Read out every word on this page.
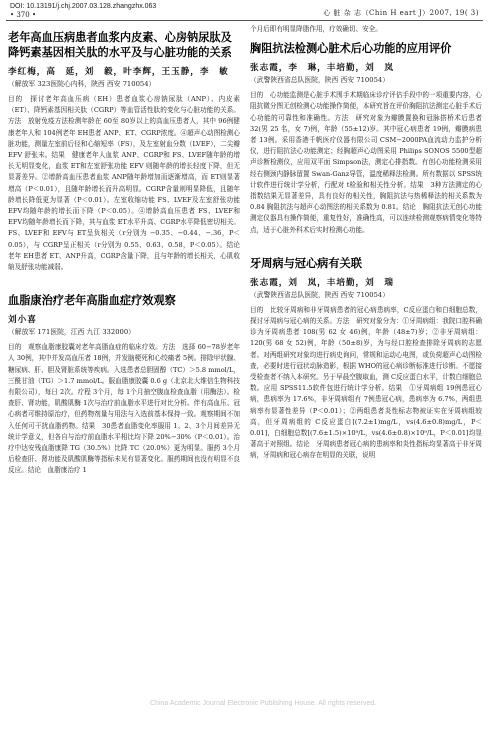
DOI: 10.13191/j.chj.2007.03.128.zhangzhx.063
• 370 •	心 脏 杂 志（Chin H eart J）2007, 19( 3)
老年高血压病患者血浆内皮素、心房钠尿肽及降钙素基因相关肽的水平及与心脏功能的关系
李红梅，高　延，刘　毅，叶李辉，王玉静，李　敏
（解放军 323医院心内科，陕西 西安 710054）
目的　探讨老年高血压病（EH）患者血浆心房钠尿肽（ANP）、内皮素（ET）、降钙素基因相关肽（CGRP）等血管活性肽的变化与心脏功能的关系。方法　放射免疫方法检测年龄在 60至 80岁以上的高血压患者人，其中 96例健康老年人和 104例老年 EH患者 ANP、ET、CGRP浓度。④超声心动图检测心脏功能，测量左室前后径和心缩短率（FS），及左室射血分数（LVEF），二尖瓣 EFV 舒张末。结果　健康老年人血浆 ANP、CGRP和 FS、LVEF随年龄的增长无明显变化，血浆 ET和左室舒张功能 EFV 则随年龄的增长轻度下降，但无显著差异。②增龄高血压患者血浆 ANP随年龄增加而逐渐增高，而 ET则显著增高（P＜0.01），且随年龄增长而升高明显。CGRP含量则明显降低，且随年龄增长降低更为显著（P＜0.01）。左室收缩功能 FS、LVEF及左室舒张功能 EFV均随年龄的增长而下降（P＜0.05）。④增龄高血压患者 FS、LVEF和 EFV均随年龄增长而下降，其与血浆 ET水平升高、CGRP水平降低密切相关。FS、LVEF和 EFV与 ET呈负相关（r分别为 −0.35、−0.44、−.36，P＜0.05），与 CGRP呈正相关（r分别为 0.55、0.63、0.58，P＜0.05）。结论　老年 EH患者 ET、ANP升高，CGRP含量下降，且与年龄的增长相关，心肌收缩及舒张功能减弱。
血脂康治疗老年高脂血症疗效观察
刘小喜
（解放军 171医院，江西 九江 332000）
目的　观察血脂康胶囊对老年高脂血症的临床疗效。方法　选择 60−78岁老年人 30例，其中并发高血压者 18例，并发脑梗死和心绞痛者 5例。排除甲状腺、糖尿病、肝、胆及肾脏系统等疾病。入选患者总胆固醇（TC）＞5.8 mmol/L，三酰甘油（TG）＞1.7 mmol/L。服血脂康胶囊 0.6 g（北京北大维信生物科技有限公司），每日 2次。疗程 3个月，每 1个月抽空腹血检查血脂（用酶法）。检查肝、肾功能，肌酸肌酶 1次与治疗前血脂水平进行对比分析。伴有高血压、冠心病者可维持原治疗，但药物剂量与用法与入选前基本保持一致。观察期间不加入任何可干扰血脂药物。结果　30患者血脂变化率服用 1、2、3个月间差异无统计学意义，但各自与治疗前血脂水平相比均下降 20%−30%（P＜0.01）。治疗中达安残血脂康降 TG（30.5%）比降 TC（20.0%）更为明显。服药 3个月后检查肝、肾功能及肌酸肌酶等指标未见有显著变化。服药期间也没有明显不良反应。结论　血脂康治疗 1
个月后即有明显降脂作用，疗效确切、安全。
胸阻抗法检测心脏术后心功能的应用评价
张志霞，李　琳，丰培勤，刘　岚
（武警陕西省总队医院，陕西 西安 710054）
目的　心功能监测是心脏手术围手术期临床诊疗评估手段中的一项重要内容，心阻抗微分图无创检测心功能操作简便，本研究旨在评价胸阻抗法测定心脏手术后心功能的可靠性和准确性。方法　研究对象为瓣膜置换和冠脉搭桥术后患者 32(男 25 名，女 7)例，年龄（55±12)岁。其中冠心病患者 19例，瓣膜病患者 13例。采用香港千帆医疗仪器有限公司 CSM−2000PA血流动力监护分析仪，进行阻抗法心功能测定；经胸超声心动图采用 Philips SONOS 5500型超声诊断检测仪，应用双平面 Simpson法，测定心排指数。有创心功能检测采用经右侧颈内静脉留置 Swan-Ganz导管，温度稀释法检测。所有数据以 SPSS统计软件进行统计学分析，行配对 t检验和相关性分析。结果　3种方法测定的心指数结果无显著差异，具有良好的相关性，胸阻抗法与热稀释法的相关系数为 0.84 胸阻抗法与超声心动图法的相关系数为 0.81。结论　胸阻抗法无创心功能测定仪器具有操作简便，重复性好，准确性高，可以连续检测观察病情变化等特点，适于心脏外科术后实时检测心功能。
牙周病与冠心病有关联
张志霞，刘　岚，丰培勤，刘　瑞
（武警陕西省总队医院，陕西 西安 710054）
目的　比较牙周病和非牙周病患者的冠心病患病率，C反应蛋白和白细胞总数，探讨牙周病与冠心病的关系。方法　研究对象分为：①牙周病组：我院口腔科确诊为牙周病患者 108(男 62 女 46)例，年龄（48±7)岁；②非牙周病组：120(男 68 女 52)例，年龄（50±8)岁，为与经口腔检查排除牙周病的志愿者。对两组研究对象均进行病史询问，常规和运动心电图，或负荷超声心动图检查，必要时进行冠状动脉造影，根据 WHO的冠心病诊断标准进行诊断。不愿接受检查者不纳入本研究。另于早晨空腹取血，测 C反应蛋白水平，计数白细胞总数。应用 SPSS11.5软件包进行统计学分析。结果　①牙周病组 19例患冠心病，患病率为 17.6%，非牙周病组有 7例患冠心病，患病率为 6.7%，两组患病率有显著性差异（P＜0.01）；②两组患者炎性标志物被证实在牙周病组较高，但牙周病组的 C反应蛋白[(7.2±1)mg/L，vs(4.6±0.8)mg/L，P＜0.01]，白细胞总数[(7.6±1.5)×10⁹/L，vs(4.6±0.8)×10⁹/L，P＜0.01]均显著高于对照组。结论　牙周病患者冠心病的患病率和炎性指标均显著高于非牙周病，牙周病和冠心病存在明显的关联，说明
China Academic Journal Electronic Publishing House. All rights reserved.
